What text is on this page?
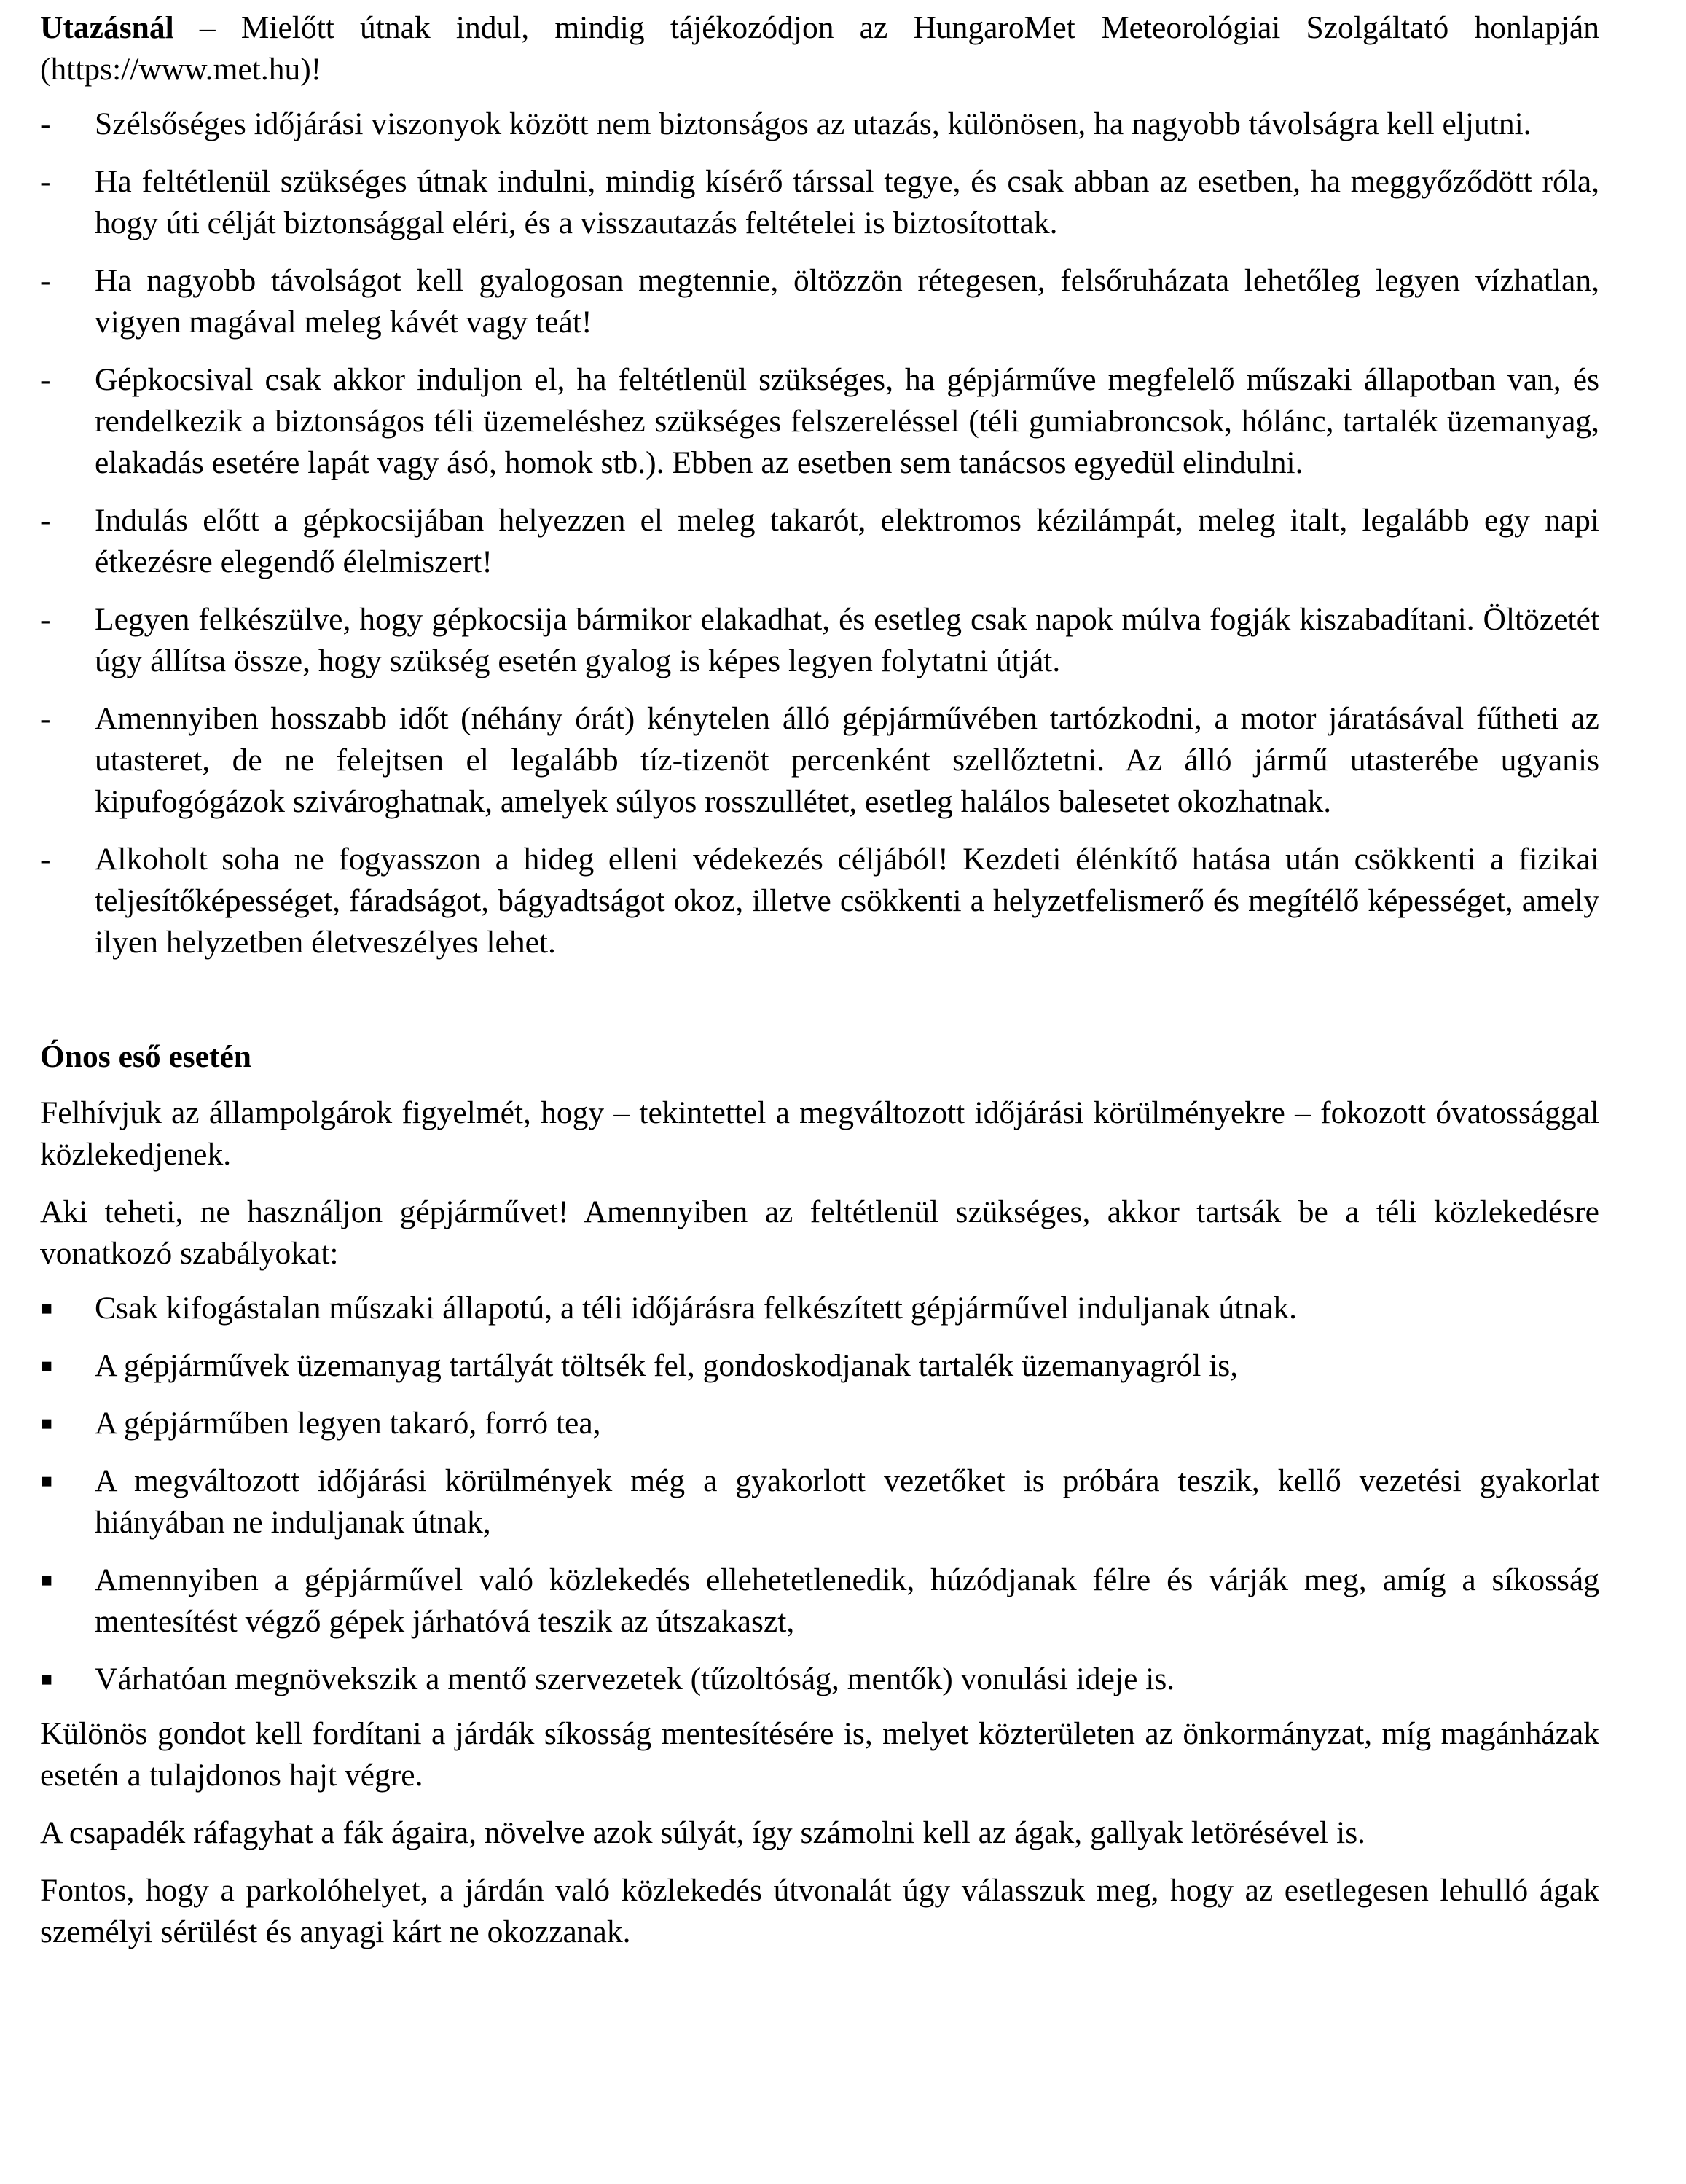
Utazásnál – Mielőtt útnak indul, mindig tájékozódjon az HungaroMet Meteorológiai Szolgáltató honlapján (https://www.met.hu)!

-	Szélsőséges időjárási viszonyok között nem biztonságos az utazás, különösen, ha nagyobb távolságra kell eljutni.
-	Ha feltétlenül szükséges útnak indulni, mindig kísérő társsal tegye, és csak abban az esetben, ha meggyőződött róla, hogy úti célját biztonsággal eléri, és a visszautazás feltételei is biztosítottak.
-	Ha nagyobb távolságot kell gyalogosan megtennie, öltözzön rétegesen, felsőruházata lehetőleg legyen vízhatlan, vigyen magával meleg kávét vagy teát!
-	Gépkocsival csak akkor induljon el, ha feltétlenül szükséges, ha gépjárműve megfelelő műszaki állapotban van, és rendelkezik a biztonságos téli üzemeléshez szükséges felszereléssel (téli gumiabroncsok, hólánc, tartalék üzemanyag, elakadás esetére lapát vagy ásó, homok stb.). Ebben az esetben sem tanácsos egyedül elindulni.
-	Indulás előtt a gépkocsijában helyezzen el meleg takarót, elektromos kézilámpát, meleg italt, legalább egy napi étkezésre elegendő élelmiszert!
-	Legyen felkészülve, hogy gépkocsija bármikor elakadhat, és esetleg csak napok múlva fogják kiszabadítani. Öltözetét úgy állítsa össze, hogy szükség esetén gyalog is képes legyen folytatni útját.
-	Amennyiben hosszabb időt (néhány órát) kénytelen álló gépjárművében tartózkodni, a motor járatásával fűtheti az utasteret, de ne felejtsen el legalább tíz-tizenöt percenként szellőztetni. Az álló jármű utasterébe ugyanis kipufogógázok szivároghatnak, amelyek súlyos rosszullétet, esetleg halálos balesetet okozhatnak.
-	Alkoholt soha ne fogyasszon a hideg elleni védekezés céljából! Kezdeti élénkítő hatása után csökkenti a fizikai teljesítőképességet, fáradságot, bágyadtságot okoz, illetve csökkenti a helyzetfelismerő és megítélő képességet, amely ilyen helyzetben életveszélyes lehet.

Ónos eső esetén

Felhívjuk az állampolgárok figyelmét, hogy – tekintettel a megváltozott időjárási körülményekre – fokozott óvatossággal közlekedjenek.

Aki teheti, ne használjon gépjárművet! Amennyiben az feltétlenül szükséges, akkor tartsák be a téli közlekedésre vonatkozó szabályokat:

▪	Csak kifogástalan műszaki állapotú, a téli időjárásra felkészített gépjárművel induljanak útnak.
▪	A gépjárművek üzemanyag tartályát töltsék fel, gondoskodjanak tartalék üzemanyagról is,
▪	A gépjárműben legyen takaró, forró tea,
▪	A megváltozott időjárási körülmények még a gyakorlott vezetőket is próbára teszik, kellő vezetési gyakorlat hiányában ne induljanak útnak,
▪	Amennyiben a gépjárművel való közlekedés ellehetetlenedik, húzódjanak félre és várják meg, amíg a síkosság mentesítést végző gépek járhatóvá teszik az útszakaszt,
▪	Várhatóan megnövekszik a mentő szervezetek (tűzoltóság, mentők) vonulási ideje is.

Különös gondot kell fordítani a járdák síkosság mentesítésére is, melyet közterületen az önkormányzat, míg magánházak esetén a tulajdonos hajt végre.

A csapadék ráfagyhat a fák ágaira, növelve azok súlyát, így számolni kell az ágak, gallyak letörésével is.

Fontos, hogy a parkolóhelyet, a járdán való közlekedés útvonalát úgy válasszuk meg, hogy az esetlegesen lehulló ágak személyi sérülést és anyagi kárt ne okozzanak.
